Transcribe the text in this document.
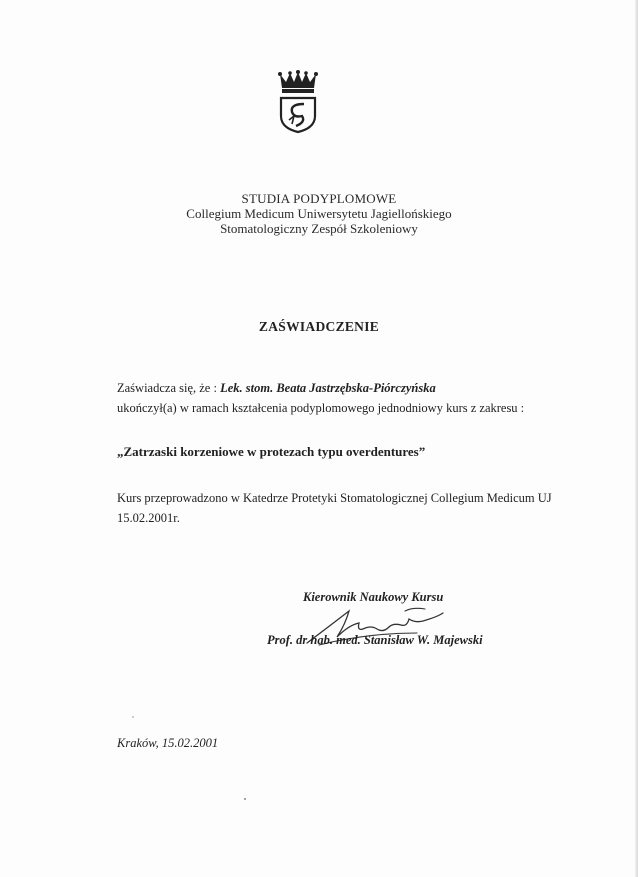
STUDIA PODYPLOMOWE
Collegium Medicum Uniwersytetu Jagiellońskiego
Stomatologiczny Zespół Szkoleniowy
ZAŚWIADCZENIE
Zaświadcza się, że : Lek. stom. Beata Jastrzębska-Piórczyńska
ukończył(a) w ramach kształcenia podyplomowego jednodniowy kurs z zakresu :
„Zatrzaski korzeniowe w protezach typu overdentures”
Kurs przeprowadzono w Katedrze Protetyki Stomatologicznej Collegium Medicum UJ
15.02.2001r.
Kierownik Naukowy Kursu
Prof. dr hab. med. Stanisław W. Majewski
Kraków, 15.02.2001
